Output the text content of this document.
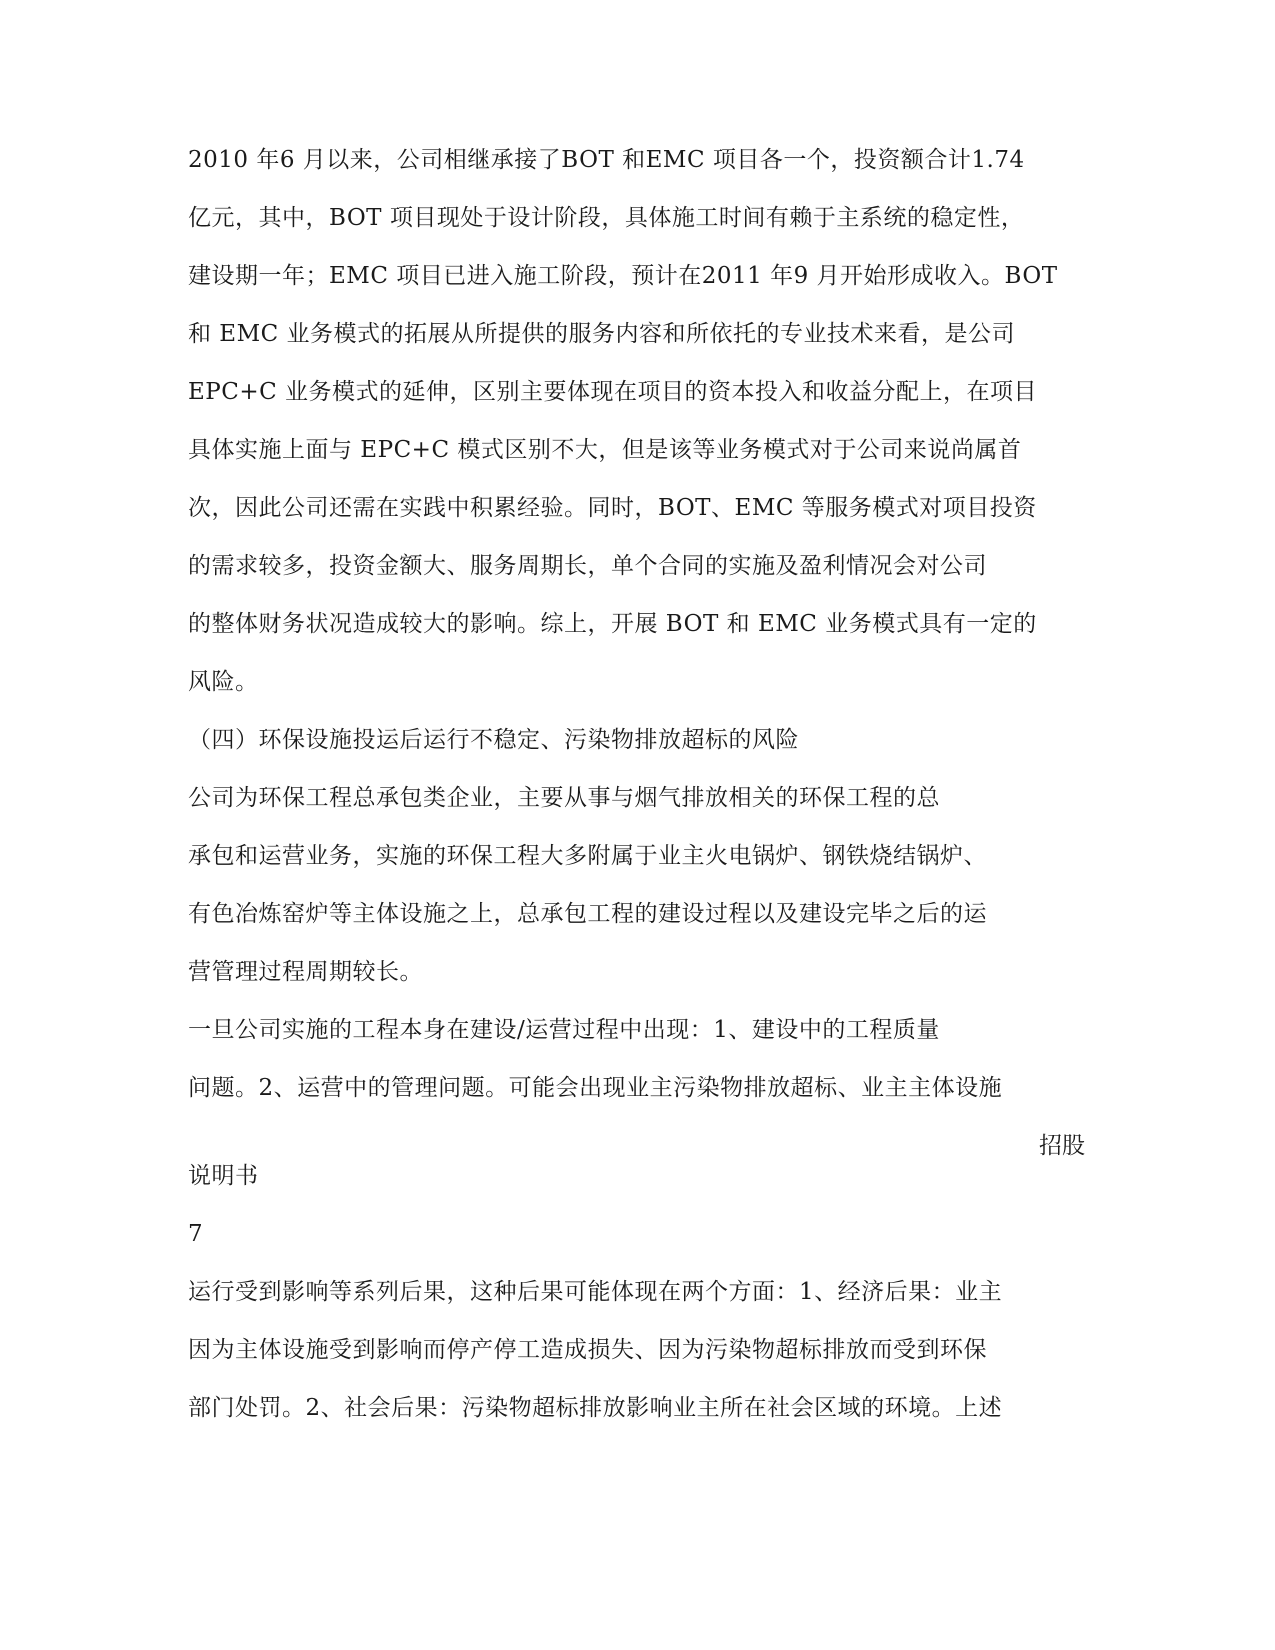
2010 年6 月以来，公司相继承接了BOT 和EMC 项目各一个，投资额合计1.74
亿元，其中，BOT 项目现处于设计阶段，具体施工时间有赖于主系统的稳定性，
建设期一年；EMC 项目已进入施工阶段，预计在2011 年9 月开始形成收入。BOT
和 EMC 业务模式的拓展从所提供的服务内容和所依托的专业技术来看，是公司
EPC+C 业务模式的延伸，区别主要体现在项目的资本投入和收益分配上，在项目
具体实施上面与 EPC+C 模式区别不大，但是该等业务模式对于公司来说尚属首
次，因此公司还需在实践中积累经验。同时，BOT、EMC 等服务模式对项目投资
的需求较多，投资金额大、服务周期长，单个合同的实施及盈利情况会对公司
的整体财务状况造成较大的影响。综上，开展 BOT 和 EMC 业务模式具有一定的
风险。
（四）环保设施投运后运行不稳定、污染物排放超标的风险
公司为环保工程总承包类企业，主要从事与烟气排放相关的环保工程的总
承包和运营业务，实施的环保工程大多附属于业主火电锅炉、钢铁烧结锅炉、
有色冶炼窑炉等主体设施之上，总承包工程的建设过程以及建设完毕之后的运
营管理过程周期较长。
一旦公司实施的工程本身在建设/运营过程中出现：1、建设中的工程质量
问题。2、运营中的管理问题。可能会出现业主污染物排放超标、业主主体设施
招股
说明书
7
运行受到影响等系列后果，这种后果可能体现在两个方面：1、经济后果：业主
因为主体设施受到影响而停产停工造成损失、因为污染物超标排放而受到环保
部门处罚。2、社会后果：污染物超标排放影响业主所在社会区域的环境。上述
